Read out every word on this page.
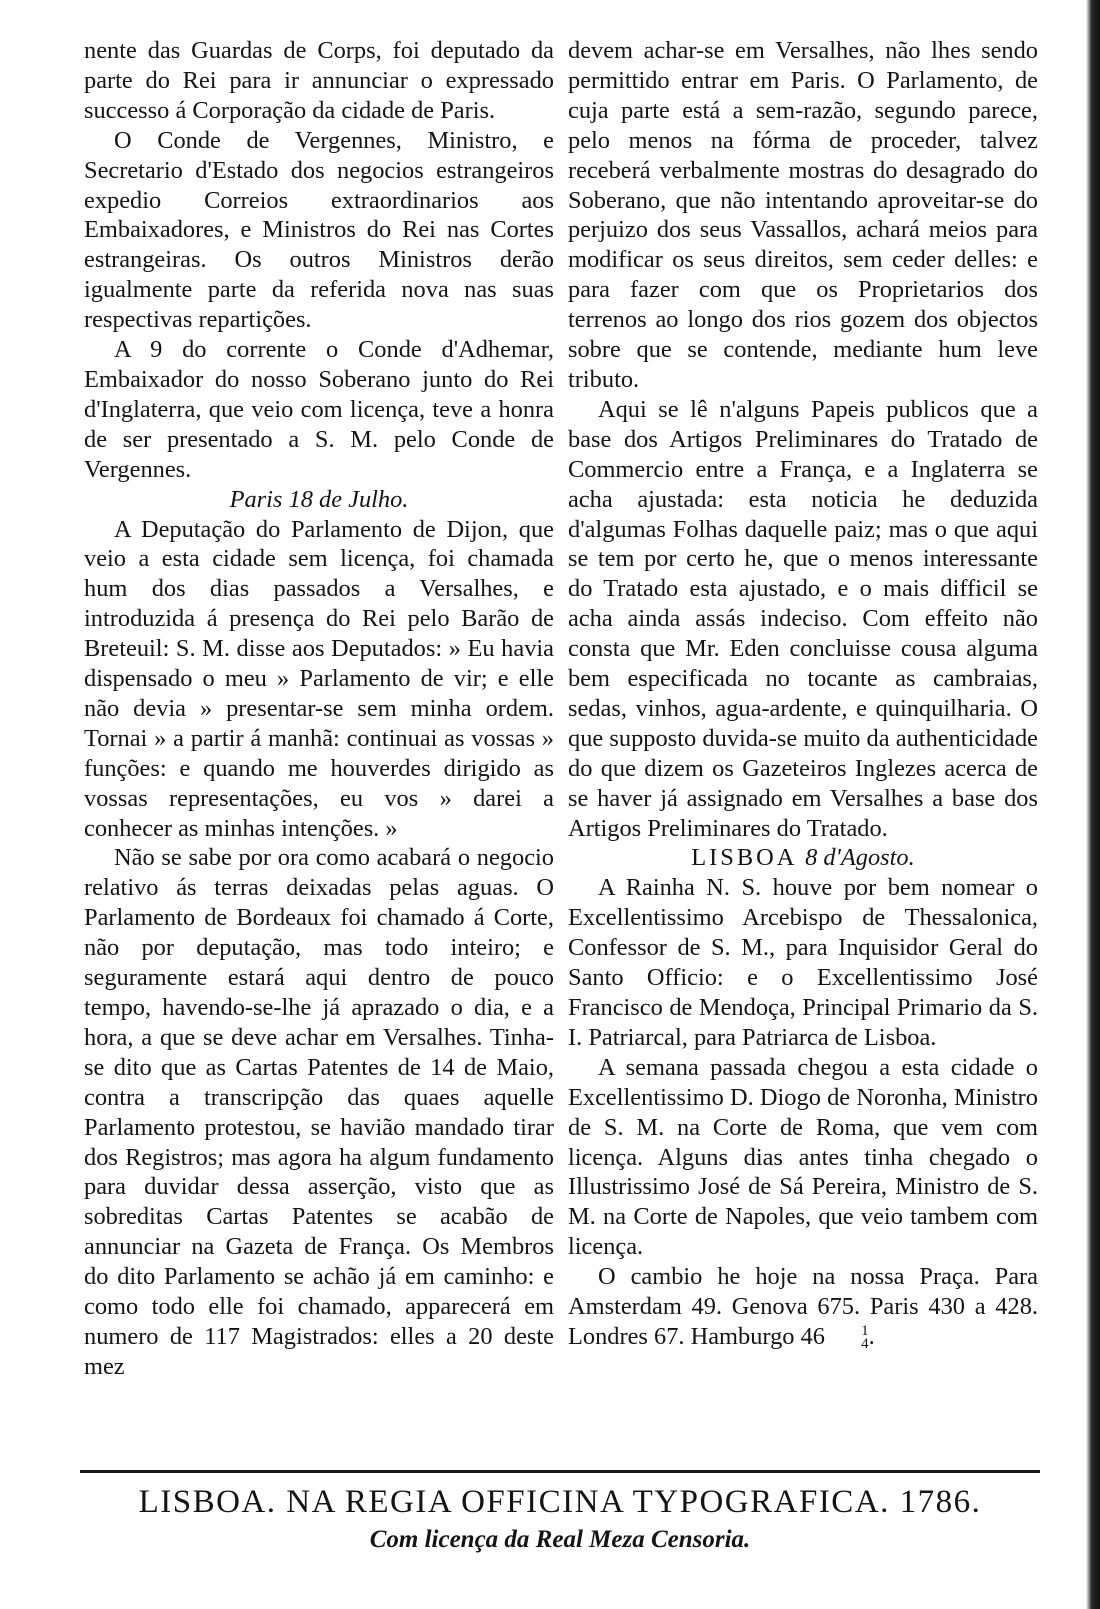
nente das Guardas de Corps, foi deputado da parte do Rei para ir annunciar o expressado successo á Corporação da cidade de Paris.

O Conde de Vergennes, Ministro, e Secretario d'Estado dos negocios estrangeiros expedio Correios extraordinarios aos Embaixadores, e Ministros do Rei nas Cortes estrangeiras. Os outros Ministros derão igualmente parte da referida nova nas suas respectivas repartições.

A 9 do corrente o Conde d'Adhemar, Embaixador do nosso Soberano junto do Rei d'Inglaterra, que veio com licença, teve a honra de ser presentado a S. M. pelo Conde de Vergennes.

Paris 18 de Julho.

A Deputação do Parlamento de Dijon, que veio a esta cidade sem licença, foi chamada hum dos dias passados a Versalhes, e introduzida á presença do Rei pelo Barão de Breteuil: S. M. disse aos Deputados: » Eu havia dispensado o meu » Parlamento de vir; e elle não devia » presentar-se sem minha ordem. Tornai » a partir á manhã: continuai as vossas » funções: e quando me houverdes dirigido as vossas representações, eu vos » darei a conhecer as minhas intenções. »

Não se sabe por ora como acabará o negocio relativo ás terras deixadas pelas aguas. O Parlamento de Bordeaux foi chamado á Corte, não por deputação, mas todo inteiro; e seguramente estará aqui dentro de pouco tempo, havendo-se-lhe já aprazado o dia, e a hora, a que se deve achar em Versalhes. Tinha-se dito que as Cartas Patentes de 14 de Maio, contra a transcripção das quaes aquelle Parlamento protestou, se havião mandado tirar dos Registros; mas agora ha algum fundamento para duvidar dessa asserção, visto que as sobreditas Cartas Patentes se acabão de annunciar na Gazeta de França. Os Membros do dito Parlamento se achão já em caminho: e como todo elle foi chamado, apparecerá em numero de 117 Magistrados: elles a 20 deste mez

devem achar-se em Versalhes, não lhes sendo permittido entrar em Paris. O Parlamento, de cuja parte está a sem-razão, segundo parece, pelo menos na fórma de proceder, talvez receberá verbalmente mostras do desagrado do Soberano, que não intentando aproveitar-se do perjuizo dos seus Vassallos, achará meios para modificar os seus direitos, sem ceder delles: e para fazer com que os Proprietarios dos terrenos ao longo dos rios gozem dos objectos sobre que se contende, mediante hum leve tributo.

Aqui se lê n'alguns Papeis publicos que a base dos Artigos Preliminares do Tratado de Commercio entre a França, e a Inglaterra se acha ajustada: esta noticia he deduzida d'algumas Folhas daquelle paiz; mas o que aqui se tem por certo he, que o menos interessante do Tratado esta ajustado, e o mais difficil se acha ainda assás indeciso. Com effeito não consta que Mr. Eden concluisse cousa alguma bem especificada no tocante as cambraias, sedas, vinhos, agua-ardente, e quinquilharia. O que supposto duvida-se muito da authenticidade do que dizem os Gazeteiros Inglezes acerca de se haver já assignado em Versalhes a base dos Artigos Preliminares do Tratado.

LISBOA 8 d'Agosto.

A Rainha N. S. houve por bem nomear o Excellentissimo Arcebispo de Thessalonica, Confessor de S. M., para Inquisidor Geral do Santo Officio: e o Excellentissimo José Francisco de Mendoça, Principal Primario da S. I. Patriarcal, para Patriarca de Lisboa.

A semana passada chegou a esta cidade o Excellentissimo D. Diogo de Noronha, Ministro de S. M. na Corte de Roma, que vem com licença. Alguns dias antes tinha chegado o Illustrissimo José de Sá Pereira, Ministro de S. M. na Corte de Napoles, que veio tambem com licença.

O cambio he hoje na nossa Praça. Para Amsterdam 49. Genova 675. Paris 430 a 428. Londres 67. Hamburgo 46	1
4 .

LISBOA. NA REGIA OFFICINA TYPOGRAFICA. 1786.
Com licença da Real Meza Censoria.
